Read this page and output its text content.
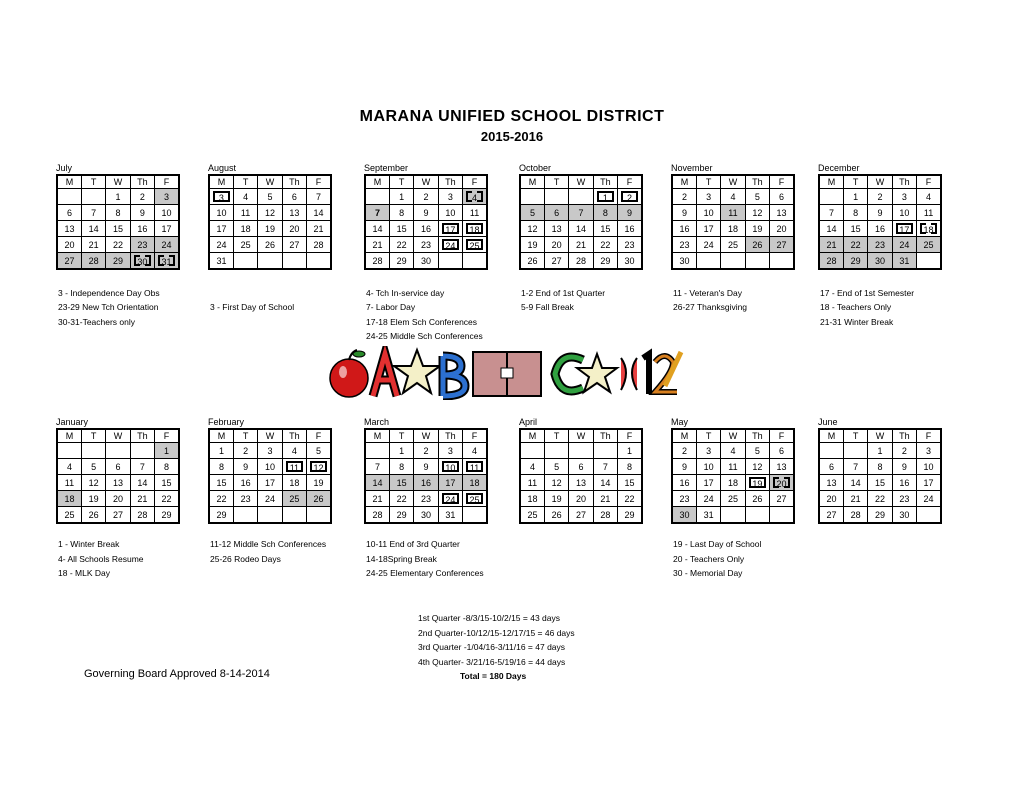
MARANA UNIFIED SCHOOL DISTRICT
2015-2016
July
M	T	W	Th	F
		1	2	3
6	7	8	9	10
13	14	15	16	17
20	21	22	23	24
27	28	29	30	31
August
M	T	W	Th	F
3	4	5	6	7
10	11	12	13	14
17	18	19	20	21
24	25	26	27	28
31				
September
M	T	W	Th	F
	1	2	3	4
7	8	9	10	11
14	15	16	17	18
21	22	23	24	25
28	29	30		
October
M	T	W	Th	F
			1	2
5	6	7	8	9
12	13	14	15	16
19	20	21	22	23
26	27	28	29	30
November
M	T	W	Th	F
2	3	4	5	6
9	10	11	12	13
16	17	18	19	20
23	24	25	26	27
30				
December
M	T	W	Th	F
	1	2	3	4
7	8	9	10	11
14	15	16	17	18
21	22	23	24	25
28	29	30	31	
January
M	T	W	Th	F
				1
4	5	6	7	8
11	12	13	14	15
18	19	20	21	22
25	26	27	28	29
February
M	T	W	Th	F
1	2	3	4	5
8	9	10	11	12
15	16	17	18	19
22	23	24	25	26
29				
March
M	T	W	Th	F
	1	2	3	4
7	8	9	10	11
14	15	16	17	18
21	22	23	24	25
28	29	30	31	
April
M	T	W	Th	F
				1
4	5	6	7	8
11	12	13	14	15
18	19	20	21	22
25	26	27	28	29
May
M	T	W	Th	F
2	3	4	5	6
9	10	11	12	13
16	17	18	19	20
23	24	25	26	27
30	31			
June
M	T	W	Th	F
		1	2	3
6	7	8	9	10
13	14	15	16	17
20	21	22	23	24
27	28	29	30	

3 - Independence Day Obs
23-29 New Tch Orientation
30-31-Teachers only

3 - First Day of School

4- Tch In-service day
7- Labor Day
17-18 Elem Sch Conferences
24-25 Middle Sch Conferences

1-2 End of 1st Quarter
5-9 Fall Break

11 - Veteran's Day
26-27 Thanksgiving

17 - End of 1st Semester
18 - Teachers Only
21-31 Winter Break
1 - Winter Break
4- All Schools Resume
18 - MLK Day
11-12 Middle Sch Conferences
25-26 Rodeo Days
10-11 End of 3rd Quarter
14-18Spring Break
24-25 Elementary Conferences
19 - Last Day of School
20 - Teachers Only
30 - Memorial Day
1st Quarter -8/3/15-10/2/15 = 43 days
2nd Quarter-10/12/15-12/17/15 = 46 days
3rd Quarter -1/04/16-3/11/16 = 47 days
4th Quarter- 3/21/16-5/19/16 = 44 days
Total = 180 Days
Governing Board Approved 8-14-2014
